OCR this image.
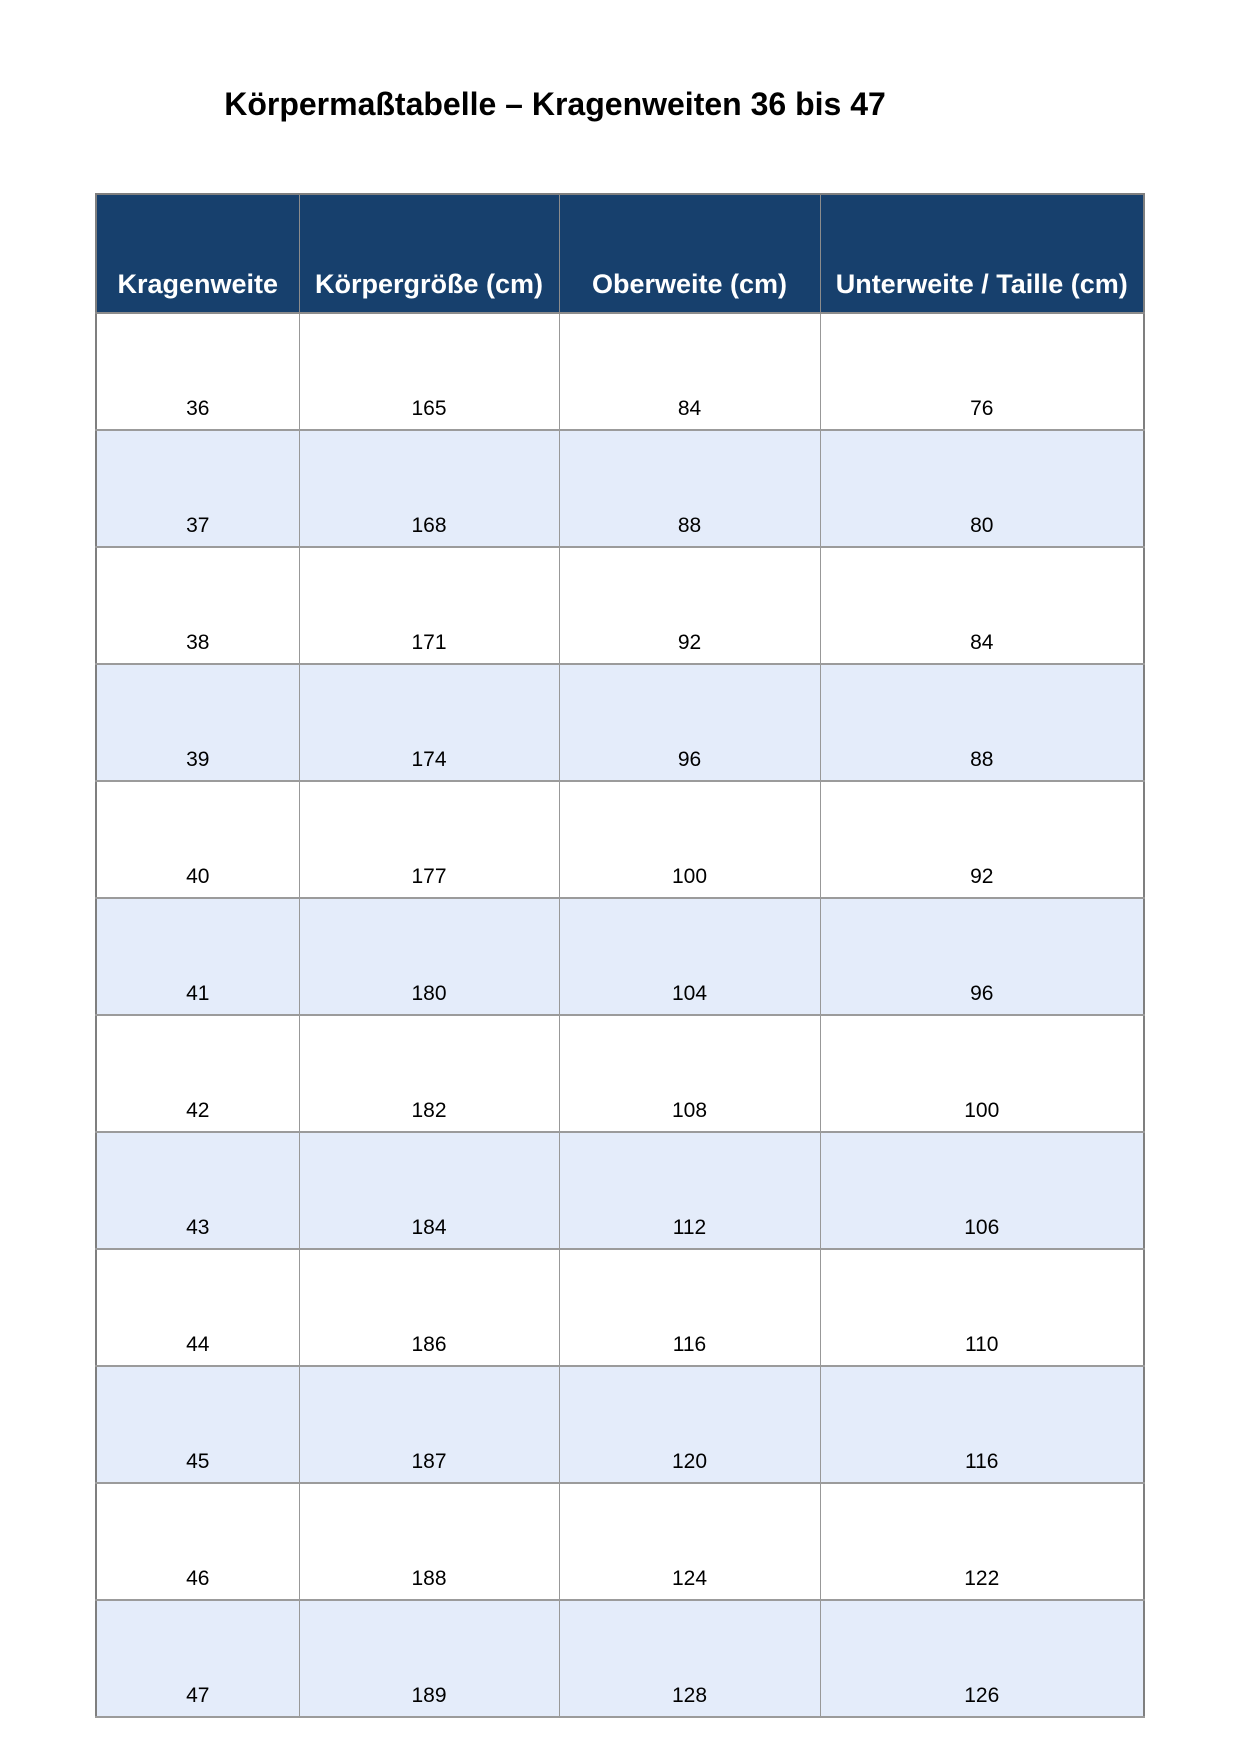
Körpermaßtabelle – Kragenweiten 36 bis 47
Kragenweite	Körpergröße (cm)	Oberweite (cm)	Unterweite / Taille (cm)
36	165	84	76
37	168	88	80
38	171	92	84
39	174	96	88
40	177	100	92
41	180	104	96
42	182	108	100
43	184	112	106
44	186	116	110
45	187	120	116
46	188	124	122
47	189	128	126
